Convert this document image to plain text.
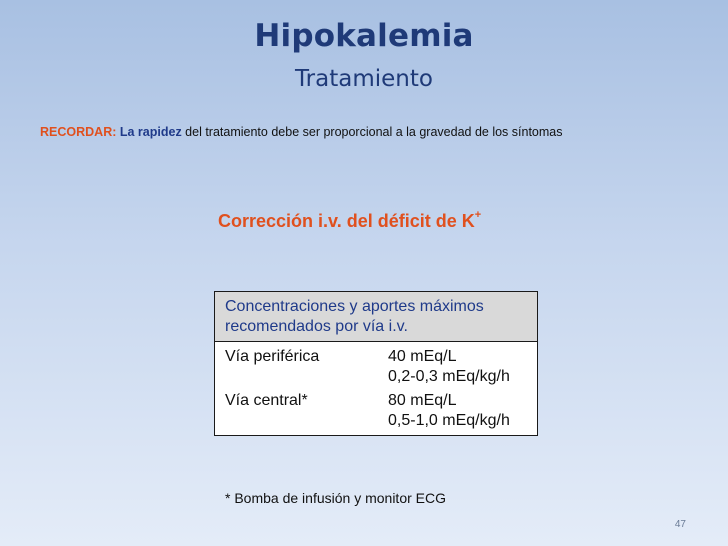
Hipokalemia
Tratamiento
RECORDAR: La rapidez del tratamiento debe ser proporcional a la gravedad de los síntomas
Corrección i.v. del déficit de K+
Concentraciones y aportes máximos
recomendados por vía i.v.
Vía periférica	40 mEq/L
0,2-0,3 mEq/kg/h
Vía central*	80 mEq/L
0,5-1,0 mEq/kg/h
* Bomba de infusión y monitor ECG
47
